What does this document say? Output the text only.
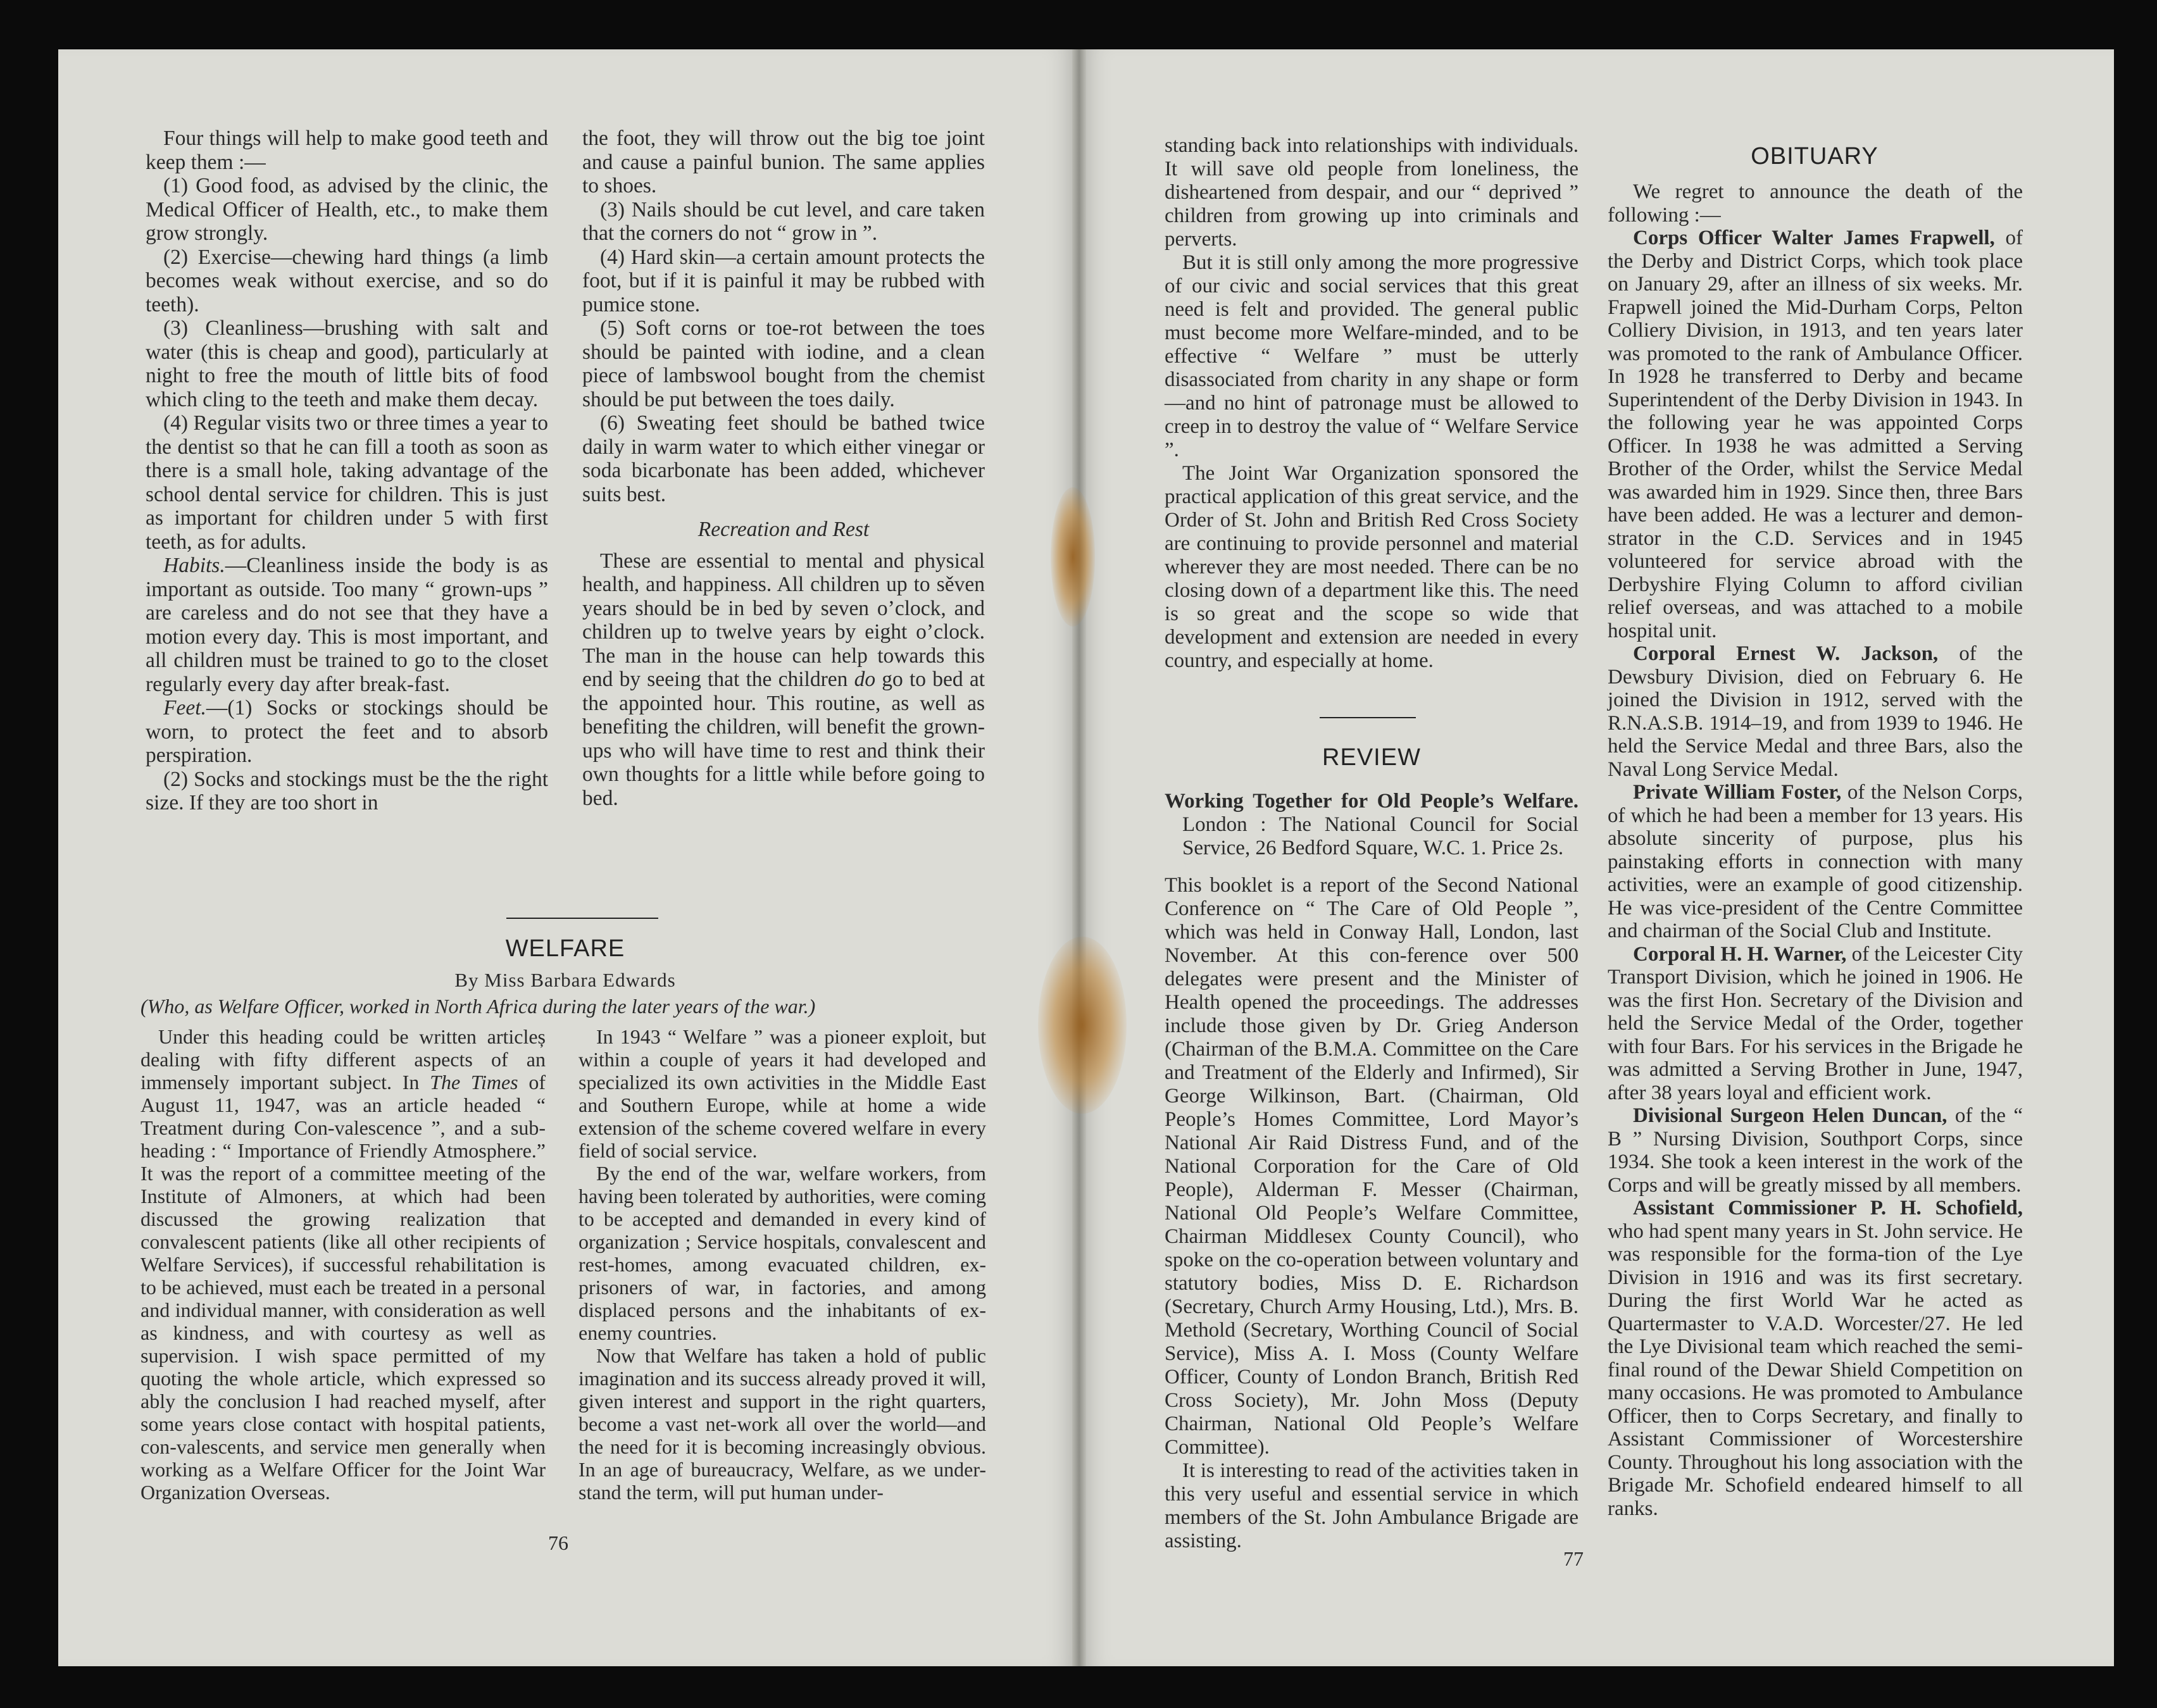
Four things will help to make good teeth and keep them :—

(1) Good food, as advised by the clinic, the Medical Officer of Health, etc., to make them grow strongly.

(2) Exercise—chewing hard things (a limb becomes weak without exercise, and so do teeth).

(3) Cleanliness—brushing with salt and water (this is cheap and good), particularly at night to free the mouth of little bits of food which cling to the teeth and make them decay.

(4) Regular visits two or three times a year to the dentist so that he can fill a tooth as soon as there is a small hole, taking advantage of the school dental service for children. This is just as important for children under 5 with first teeth, as for adults.

Habits.—Cleanliness inside the body is as important as outside. Too many “ grown-ups ” are careless and do not see that they have a motion every day. This is most important, and all children must be trained to go to the closet regularly every day after break-fast.

Feet.—(1) Socks or stockings should be worn, to protect the feet and to absorb perspiration.

(2) Socks and stockings must be the the right size. If they are too short in

the foot, they will throw out the big toe joint and cause a painful bunion. The same applies to shoes.

(3) Nails should be cut level, and care taken that the corners do not “ grow in ”.

(4) Hard skin—a certain amount protects the foot, but if it is painful it may be rubbed with pumice stone.

(5) Soft corns or toe-rot between the toes should be painted with iodine, and a clean piece of lambswool bought from the chemist should be put between the toes daily.

(6) Sweating feet should be bathed twice daily in warm water to which either vinegar or soda bicarbonate has been added, whichever suits best.

Recreation and Rest

These are essential to mental and physical health, and happiness. All children up to sěven years should be in bed by seven o’clock, and children up to twelve years by eight o’clock. The man in the house can help towards this end by seeing that the children do go to bed at the appointed hour. This routine, as well as benefiting the children, will benefit the grown-ups who will have time to rest and think their own thoughts for a little while before going to bed.

WELFARE
By Miss Barbara Edwards
(Who, as Welfare Officer, worked in North Africa during the later years of the war.)

Under this heading could be written articleș dealing with fifty different aspects of an immensely important subject. In The Times of August 11, 1947, was an article headed “ Treatment during Con-valescence ”, and a sub-heading : “ Importance of Friendly Atmosphere.” It was the report of a committee meeting of the Institute of Almoners, at which had been discussed the growing realization that convalescent patients (like all other recipients of Welfare Services), if successful rehabilitation is to be achieved, must each be treated in a personal and individual manner, with consideration as well as kindness, and with courtesy as well as supervision. I wish space permitted of my quoting the whole article, which expressed so ably the conclusion I had reached myself, after some years close contact with hospital patients, con-valescents, and service men generally when working as a Welfare Officer for the Joint War Organization Overseas.

In 1943 “ Welfare ” was a pioneer exploit, but within a couple of years it had developed and specialized its own activities in the Middle East and Southern Europe, while at home a wide extension of the scheme covered welfare in every field of social service.

By the end of the war, welfare workers, from having been tolerated by authorities, were coming to be accepted and demanded in every kind of organization ; Service hospitals, convalescent and rest-homes, among evacuated children, ex-prisoners of war, in factories, and among displaced persons and the inhabitants of ex-enemy countries.

Now that Welfare has taken a hold of public imagination and its success already proved it will, given interest and support in the right quarters, become a vast net-work all over the world—and the need for it is becoming increasingly obvious. In an age of bureaucracy, Welfare, as we under-stand the term, will put human under-

76

standing back into relationships with individuals. It will save old people from loneliness, the disheartened from despair, and our “ deprived ” children from growing up into criminals and perverts.

But it is still only among the more progressive of our civic and social services that this great need is felt and provided. The general public must become more Welfare-minded, and to be effective “ Welfare ” must be utterly disassociated from charity in any shape or form—and no hint of patronage must be allowed to creep in to destroy the value of “ Welfare Service ”.

The Joint War Organization sponsored the practical application of this great service, and the Order of St. John and British Red Cross Society are continuing to provide personnel and material wherever they are most needed. There can be no closing down of a department like this. The need is so great and the scope so wide that development and extension are needed in every country, and especially at home.

REVIEW

Working Together for Old People’s Welfare. London : The National Council for Social Service, 26 Bedford Square, W.C. 1. Price 2s.

This booklet is a report of the Second National Conference on “ The Care of Old People ”, which was held in Conway Hall, London, last November. At this con-ference over 500 delegates were present and the Minister of Health opened the proceedings. The addresses include those given by Dr. Grieg Anderson (Chairman of the B.M.A. Committee on the Care and Treatment of the Elderly and Infirmed), Sir George Wilkinson, Bart. (Chairman, Old People’s Homes Committee, Lord Mayor’s National Air Raid Distress Fund, and of the National Corporation for the Care of Old People), Alderman F. Messer (Chairman, National Old People’s Welfare Committee, Chairman Middlesex County Council), who spoke on the co-operation between voluntary and statutory bodies, Miss D. E. Richardson (Secretary, Church Army Housing, Ltd.), Mrs. B. Methold (Secretary, Worthing Council of Social Service), Miss A. I. Moss (County Welfare Officer, County of London Branch, British Red Cross Society), Mr. John Moss (Deputy Chairman, National Old People’s Welfare Committee).

It is interesting to read of the activities taken in this very useful and essential service in which members of the St. John Ambulance Brigade are assisting.

77
OBITUARY

We regret to announce the death of the following :—

Corps Officer Walter James Frapwell, of the Derby and District Corps, which took place on January 29, after an illness of six weeks. Mr. Frapwell joined the Mid-Durham Corps, Pelton Colliery Division, in 1913, and ten years later was promoted to the rank of Ambulance Officer. In 1928 he transferred to Derby and became Superintendent of the Derby Division in 1943. In the following year he was appointed Corps Officer. In 1938 he was admitted a Serving Brother of the Order, whilst the Service Medal was awarded him in 1929. Since then, three Bars have been added. He was a lecturer and demon-strator in the C.D. Services and in 1945 volunteered for service abroad with the Derbyshire Flying Column to afford civilian relief overseas, and was attached to a mobile hospital unit.

Corporal Ernest W. Jackson, of the Dewsbury Division, died on February 6. He joined the Division in 1912, served with the R.N.A.S.B. 1914–19, and from 1939 to 1946. He held the Service Medal and three Bars, also the Naval Long Service Medal.

Private William Foster, of the Nelson Corps, of which he had been a member for 13 years. His absolute sincerity of purpose, plus his painstaking efforts in connection with many activities, were an example of good citizenship. He was vice-president of the Centre Committee and chairman of the Social Club and Institute.

Corporal H. H. Warner, of the Leicester City Transport Division, which he joined in 1906. He was the first Hon. Secretary of the Division and held the Service Medal of the Order, together with four Bars. For his services in the Brigade he was admitted a Serving Brother in June, 1947, after 38 years loyal and efficient work.

Divisional Surgeon Helen Duncan, of the “ B ” Nursing Division, Southport Corps, since 1934. She took a keen interest in the work of the Corps and will be greatly missed by all members.

Assistant Commissioner P. H. Schofield, who had spent many years in St. John service. He was responsible for the forma-tion of the Lye Division in 1916 and was its first secretary. During the first World War he acted as Quartermaster to V.A.D. Worcester/27. He led the Lye Divisional team which reached the semi-final round of the Dewar Shield Competition on many occasions. He was promoted to Ambulance Officer, then to Corps Secretary, and finally to Assistant Commissioner of Worcestershire County. Throughout his long association with the Brigade Mr. Schofield endeared himself to all ranks.
